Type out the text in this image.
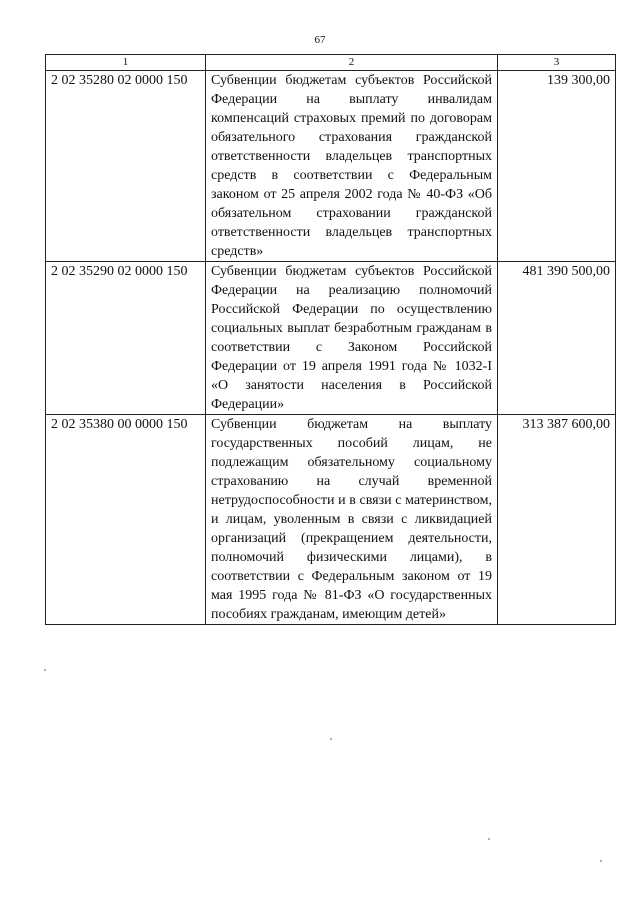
67
1	2	3
2 02 35280 02 0000 150	Субвенции бюджетам субъектов Российской Федерации на выплату инвалидам компенсаций страховых премий по договорам обязательного страхования гражданской ответственности владельцев транспортных средств в соответствии с Федеральным законом от 25 апреля 2002 года № 40-ФЗ «Об обязательном страховании гражданской ответственности владельцев транспортных средств»	139 300,00
2 02 35290 02 0000 150	Субвенции бюджетам субъектов Российской Федерации на реализацию полномочий Российской Федерации по осуществлению социальных выплат безработным гражданам в соответствии с Законом Российской Федерации от 19 апреля 1991 года № 1032-I «О занятости населения в Российской Федерации»	481 390 500,00
2 02 35380 00 0000 150	Субвенции бюджетам на выплату государственных пособий лицам, не подлежащим обязательному социальному страхованию на случай временной нетрудоспособности и в связи с материнством, и лицам, уволенным в связи с ликвидацией организаций (прекращением деятельности, полномочий физическими лицами), в соответствии с Федеральным законом от 19 мая 1995 года № 81-ФЗ «О государственных пособиях гражданам, имеющим детей»	313 387 600,00
